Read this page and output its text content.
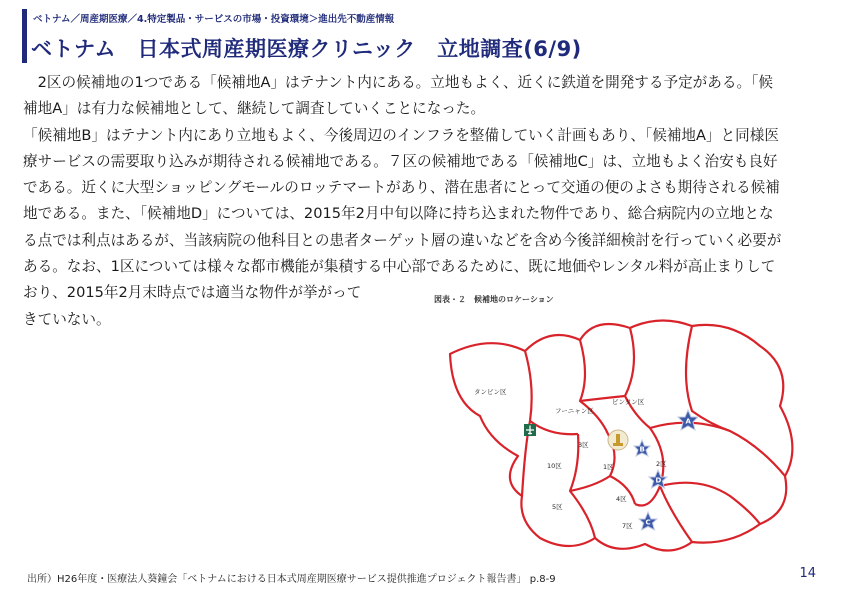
ベトナム／周産期医療／4.特定製品・サービスの市場・投資環境＞進出先不動産情報
ベトナム　日本式周産期医療クリニック　立地調査(6/9)

　2区の候補地の1つである「候補地A」はテナント内にある。立地もよく、近くに鉄道を開発する予定がある。「候

補地A」は有力な候補地として、継続して調査していくことになった。

「候補地B」はテナント内にあり立地もよく、今後周辺のインフラを整備していく計画もあり、「候補地A」と同様医

療サービスの需要取り込みが期待される候補地である。７区の候補地である「候補地C」は、立地もよく治安も良好

である。近くに大型ショッピングモールのロッテマートがあり、潜在患者にとって交通の便のよさも期待される候補

地である。また、「候補地D」については、2015年2月中旬以降に持ち込まれた物件であり、総合病院内の立地とな

る点では利点はあるが、当該病院の他科目との患者ターゲット層の違いなどを含め今後詳細検討を行っていく必要が

ある。なお、1区については様々な都市機能が集積する中心部であるために、既に地価やレンタル料が高止まりして

おり、2015年2月末時点では適当な物件が挙がって

きていない。

図表・２　候補地のロケーション
タンビン区
フーニャン区
ビンタン区
3区
10区	1区	2区
4区
5区
7区
A
B
D
C
出所）H26年度・医療法人葵鐘会「ベトナムにおける日本式周産期医療サービス提供推進プロジェクト報告書」 p.8-9	14
